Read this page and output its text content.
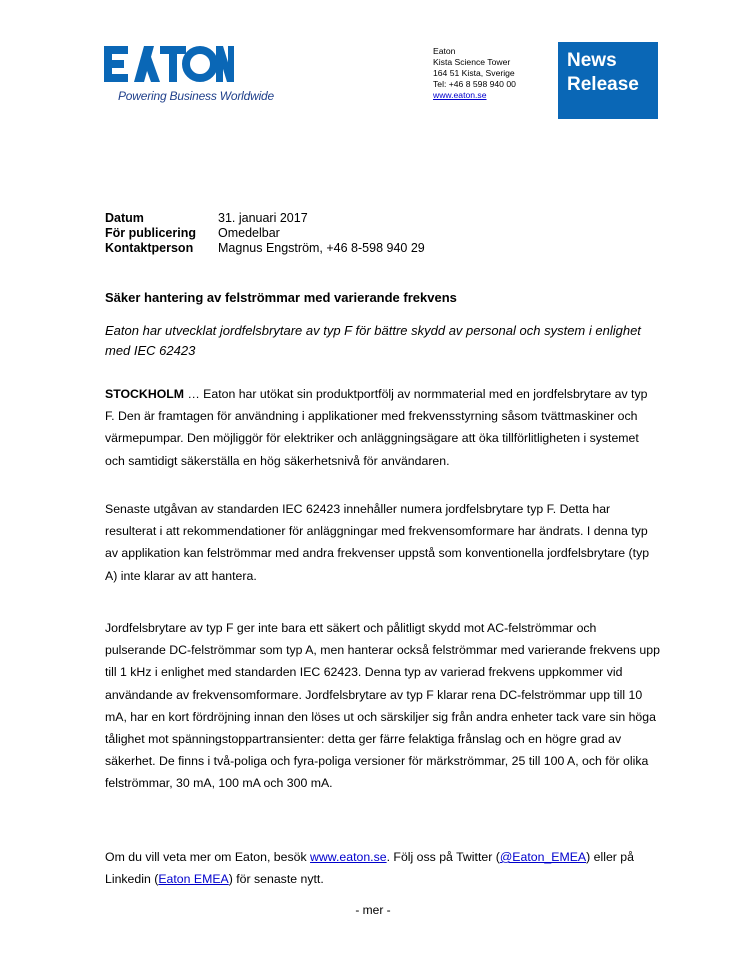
Powering Business Worldwide
Eaton
Kista Science Tower
164 51 Kista, Sverige
Tel: +46 8 598 940 00
www.eaton.se
News
Release
Datum	31. januari 2017
För publicering	Omedelbar
Kontaktperson	Magnus Engström, +46 8-598 940 29
Säker hantering av felströmmar med varierande frekvens
Eaton har utvecklat jordfelsbrytare av typ F för bättre skydd av personal och system i enlighet med IEC 62423
STOCKHOLM … Eaton har utökat sin produktportfölj av normmaterial med en jordfelsbrytare av typ F. Den är framtagen för användning i applikationer med frekvensstyrning såsom tvättmaskiner och värmepumpar. Den möjliggör för elektriker och anläggningsägare att öka tillförlitligheten i systemet och samtidigt säkerställa en hög säkerhetsnivå för användaren.
Senaste utgåvan av standarden IEC 62423 innehåller numera jordfelsbrytare typ F. Detta har resulterat i att rekommendationer för anläggningar med frekvensomformare har ändrats. I denna typ av applikation kan felströmmar med andra frekvenser uppstå som konventionella jordfelsbrytare (typ A) inte klarar av att hantera.
Jordfelsbrytare av typ F ger inte bara ett säkert och pålitligt skydd mot AC-felströmmar och pulserande DC-felströmmar som typ A, men hanterar också felströmmar med varierande frekvens upp till 1 kHz i enlighet med standarden IEC 62423. Denna typ av varierad frekvens uppkommer vid användande av frekvensomformare. Jordfelsbrytare av typ F klarar rena DC-felströmmar upp till 10 mA, har en kort fördröjning innan den löses ut och särskiljer sig från andra enheter tack vare sin höga tålighet mot spänningstoppartransienter: detta ger färre felaktiga frånslag och en högre grad av säkerhet. De finns i två-poliga och fyra-poliga versioner för märkströmmar, 25 till 100 A, och för olika felströmmar, 30 mA, 100 mA och 300 mA.
Om du vill veta mer om Eaton, besök www.eaton.se. Följ oss på Twitter (@Eaton_EMEA) eller på Linkedin (Eaton EMEA) för senaste nytt.
- mer -
